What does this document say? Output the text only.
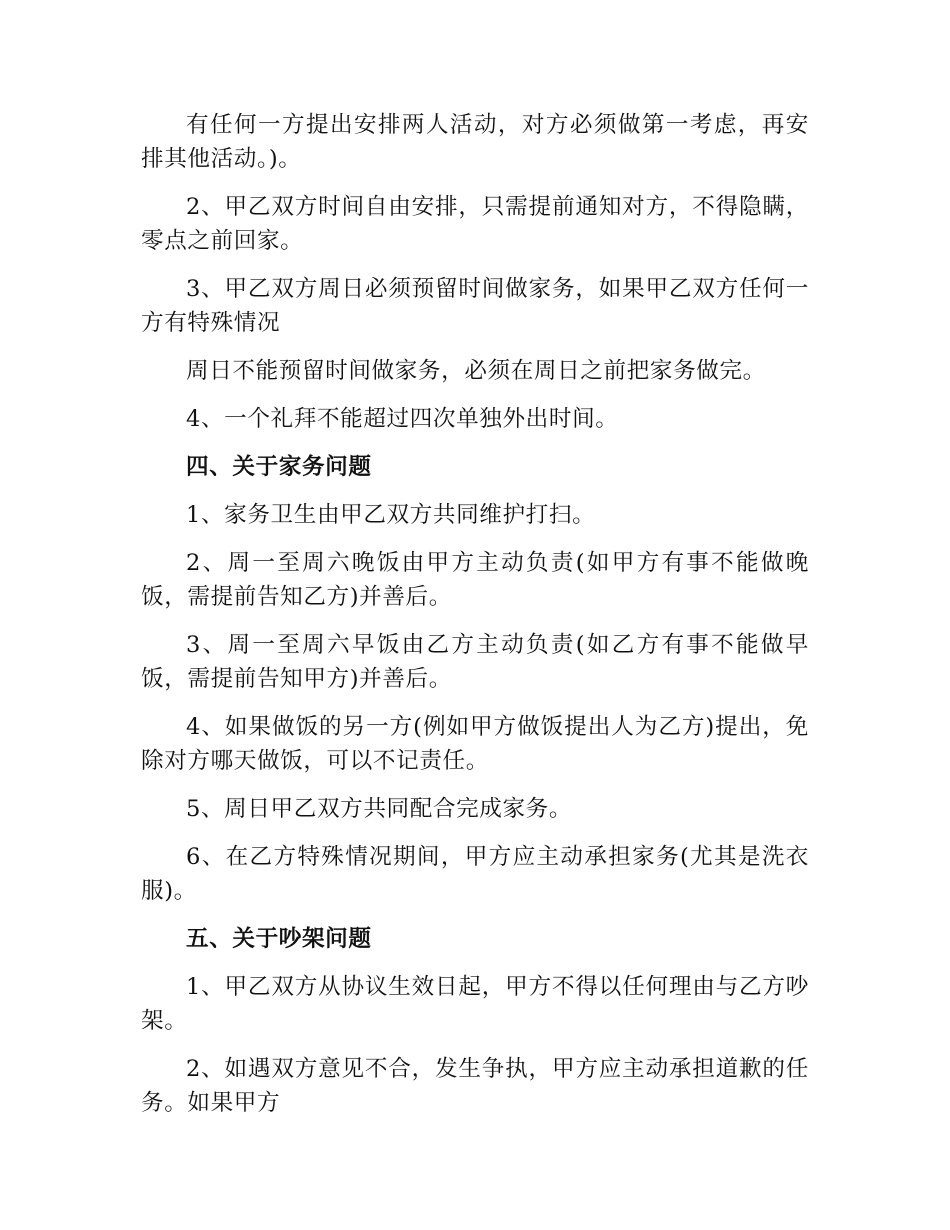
有任何一方提出安排两人活动，对方必须做第一考虑，再安排其他活动。)。

2、甲乙双方时间自由安排，只需提前通知对方，不得隐瞒，零点之前回家。

3、甲乙双方周日必须预留时间做家务，如果甲乙双方任何一方有特殊情况

周日不能预留时间做家务，必须在周日之前把家务做完。

4、一个礼拜不能超过四次单独外出时间。

四、关于家务问题

1、家务卫生由甲乙双方共同维护打扫。

2、周一至周六晚饭由甲方主动负责(如甲方有事不能做晚饭，需提前告知乙方)并善后。

3、周一至周六早饭由乙方主动负责(如乙方有事不能做早饭，需提前告知甲方)并善后。

4、如果做饭的另一方(例如甲方做饭提出人为乙方)提出，免除对方哪天做饭，可以不记责任。

5、周日甲乙双方共同配合完成家务。

6、在乙方特殊情况期间，甲方应主动承担家务(尤其是洗衣服)。

五、关于吵架问题

1、甲乙双方从协议生效日起，甲方不得以任何理由与乙方吵架。

2、如遇双方意见不合，发生争执，甲方应主动承担道歉的任务。如果甲方
